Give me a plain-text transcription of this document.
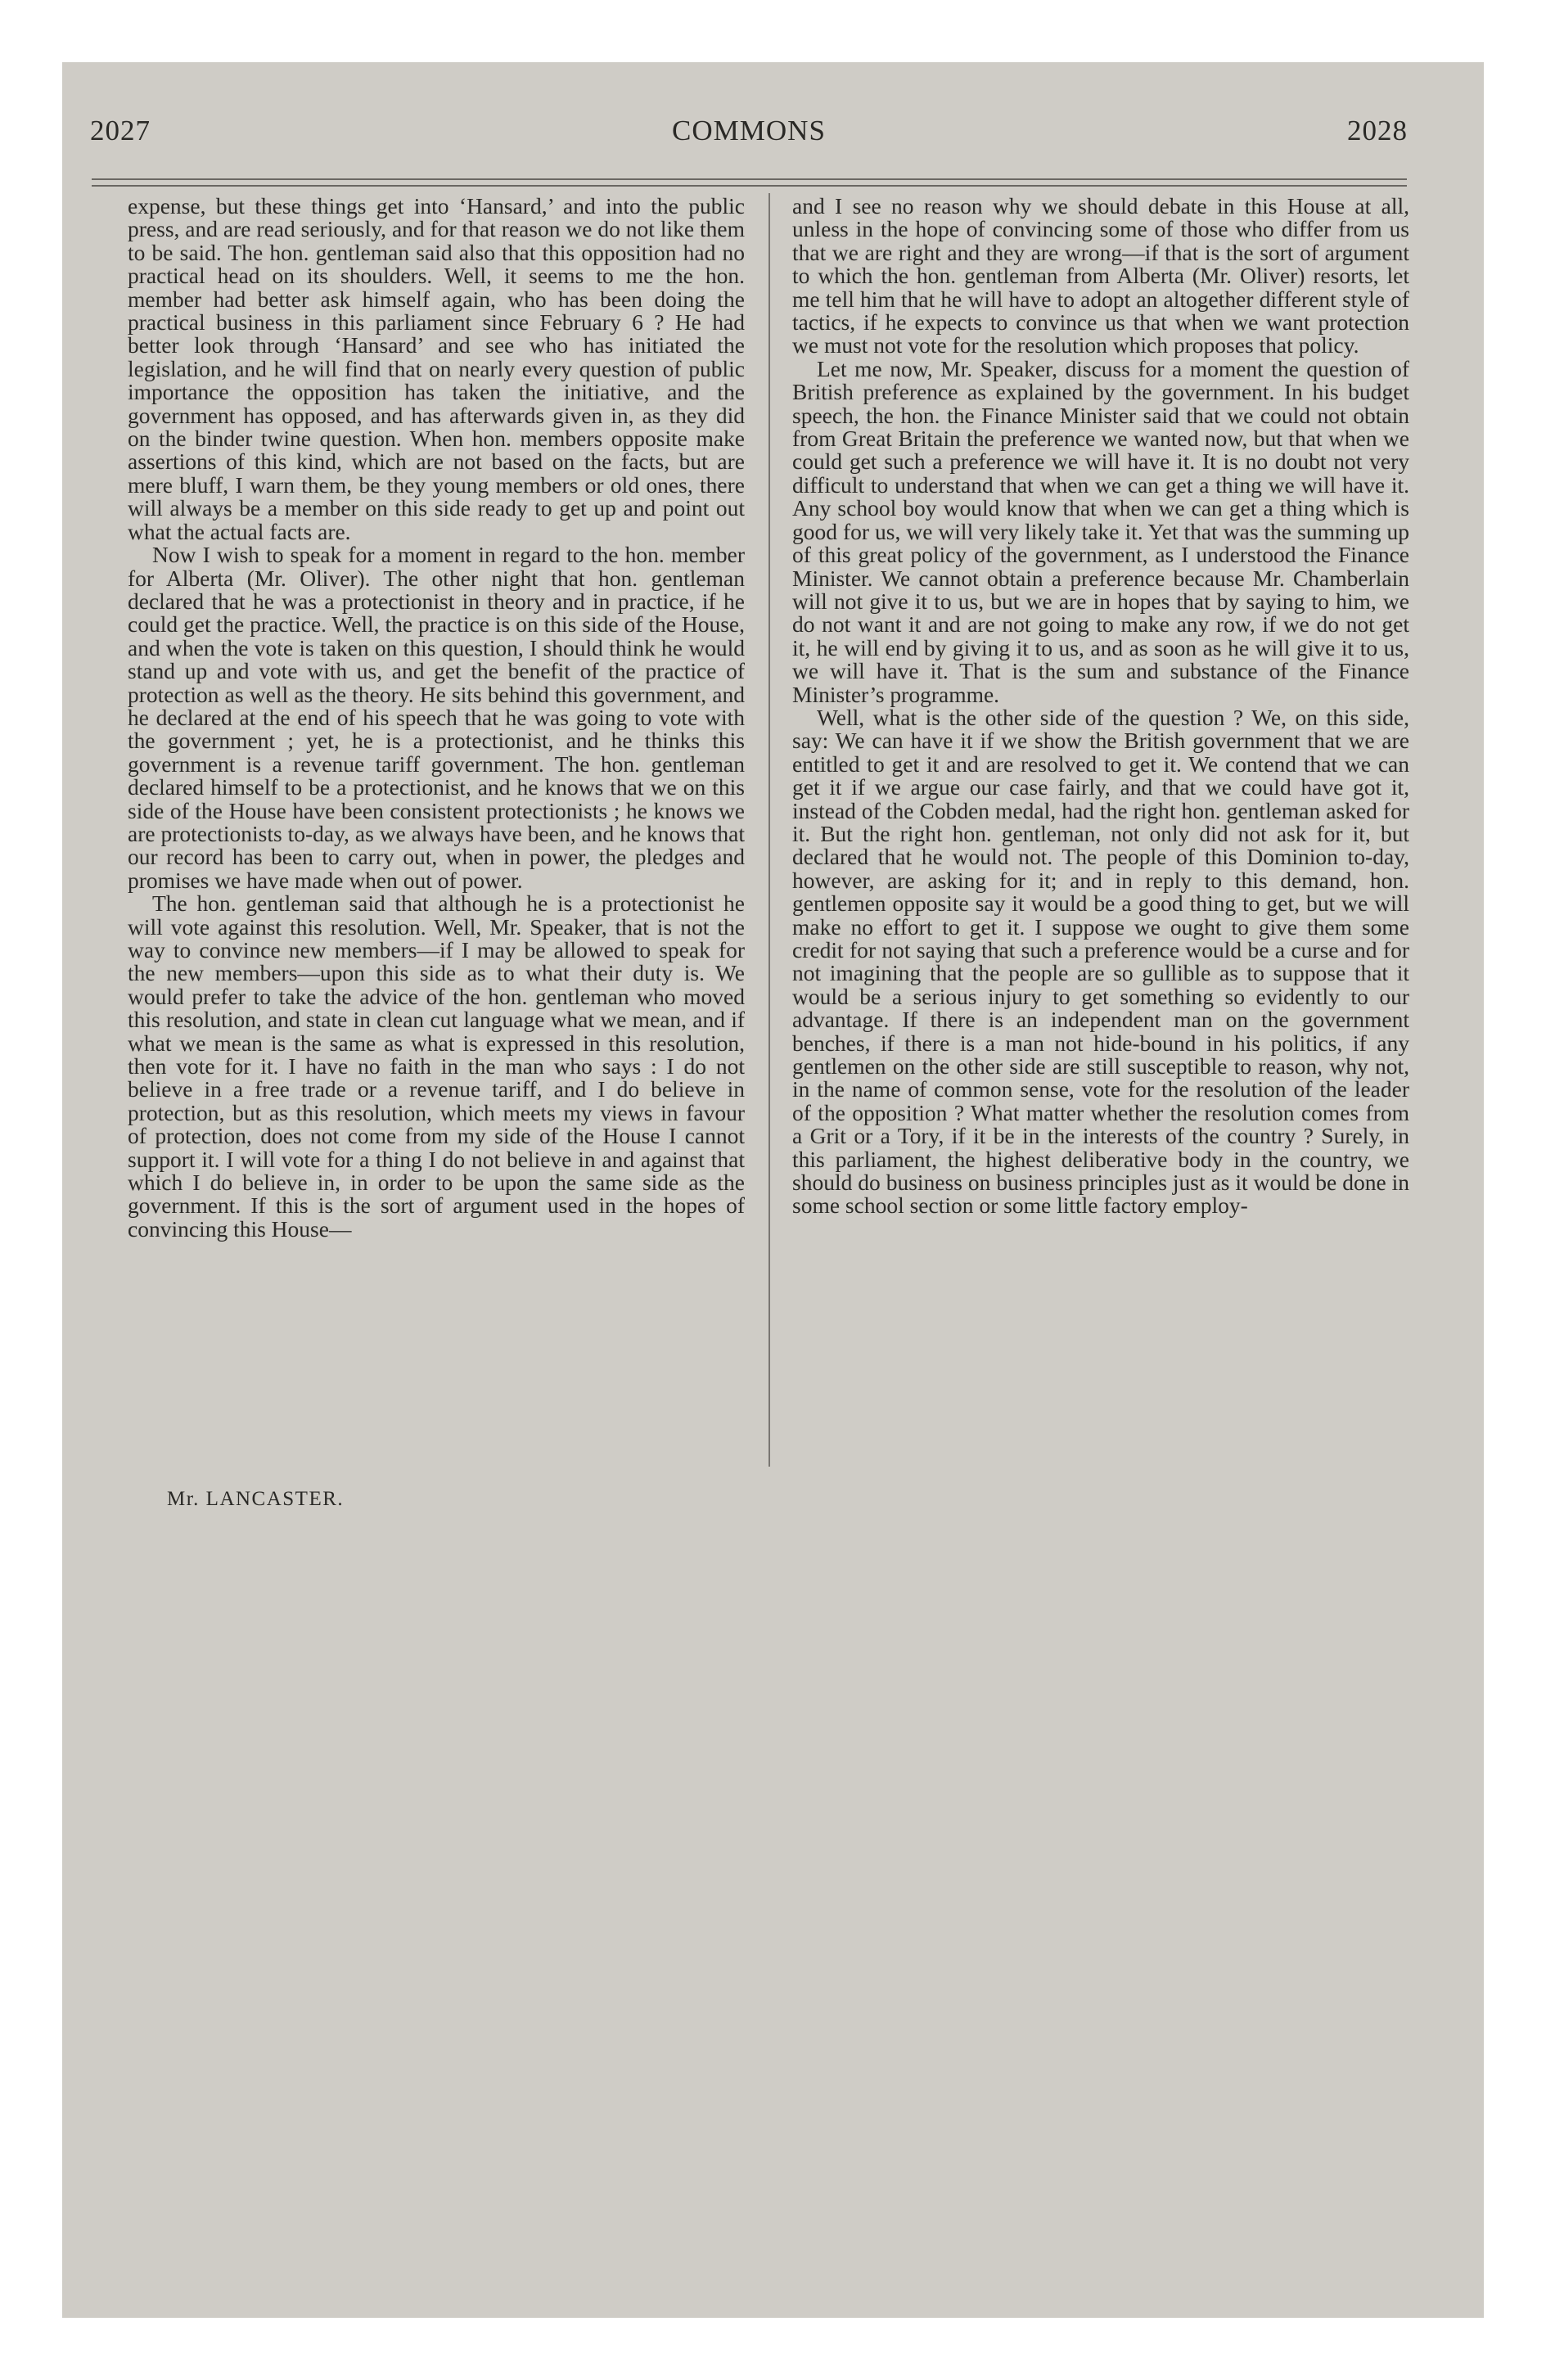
2027	COMMONS	2028

expense, but these things get into ‘Hansard,’ and into the public press, and are read seriously, and for that reason we do not like them to be said. The hon. gentleman said also that this opposition had no practical head on its shoulders. Well, it seems to me the hon. member had better ask himself again, who has been doing the practical business in this parliament since February 6 ? He had better look through ‘Hansard’ and see who has initiated the legislation, and he will find that on nearly every question of public importance the opposition has taken the initiative, and the government has opposed, and has afterwards given in, as they did on the binder twine question. When hon. members opposite make assertions of this kind, which are not based on the facts, but are mere bluff, I warn them, be they young members or old ones, there will always be a member on this side ready to get up and point out what the actual facts are.

Now I wish to speak for a moment in regard to the hon. member for Alberta (Mr. Oliver). The other night that hon. gentleman declared that he was a protectionist in theory and in practice, if he could get the practice. Well, the practice is on this side of the House, and when the vote is taken on this question, I should think he would stand up and vote with us, and get the benefit of the practice of protection as well as the theory. He sits behind this government, and he declared at the end of his speech that he was going to vote with the government ; yet, he is a protectionist, and he thinks this government is a revenue tariff government. The hon. gentleman declared himself to be a protectionist, and he knows that we on this side of the House have been consistent protectionists ; he knows we are protectionists to-day, as we always have been, and he knows that our record has been to carry out, when in power, the pledges and promises we have made when out of power.

The hon. gentleman said that although he is a protectionist he will vote against this resolution. Well, Mr. Speaker, that is not the way to convince new members—if I may be allowed to speak for the new members—upon this side as to what their duty is. We would prefer to take the advice of the hon. gentleman who moved this resolution, and state in clean cut language what we mean, and if what we mean is the same as what is expressed in this resolution, then vote for it. I have no faith in the man who says : I do not believe in a free trade or a revenue tariff, and I do believe in protection, but as this resolution, which meets my views in favour of protection, does not come from my side of the House I cannot support it. I will vote for a thing I do not believe in and against that which I do believe in, in order to be upon the same side as the government. If this is the sort of argument used in the hopes of convincing this House—

and I see no reason why we should debate in this House at all, unless in the hope of convincing some of those who differ from us that we are right and they are wrong—if that is the sort of argument to which the hon. gentleman from Alberta (Mr. Oliver) resorts, let me tell him that he will have to adopt an altogether different style of tactics, if he expects to convince us that when we want protection we must not vote for the resolution which proposes that policy.

Let me now, Mr. Speaker, discuss for a moment the question of British preference as explained by the government. In his budget speech, the hon. the Finance Minister said that we could not obtain from Great Britain the preference we wanted now, but that when we could get such a preference we will have it. It is no doubt not very difficult to understand that when we can get a thing we will have it. Any school boy would know that when we can get a thing which is good for us, we will very likely take it. Yet that was the summing up of this great policy of the government, as I understood the Finance Minister. We cannot obtain a preference because Mr. Chamberlain will not give it to us, but we are in hopes that by saying to him, we do not want it and are not going to make any row, if we do not get it, he will end by giving it to us, and as soon as he will give it to us, we will have it. That is the sum and substance of the Finance Minister’s programme.

Well, what is the other side of the question ? We, on this side, say: We can have it if we show the British government that we are entitled to get it and are resolved to get it. We contend that we can get it if we argue our case fairly, and that we could have got it, instead of the Cobden medal, had the right hon. gentleman asked for it. But the right hon. gentleman, not only did not ask for it, but declared that he would not. The people of this Dominion to-day, however, are asking for it; and in reply to this demand, hon. gentlemen opposite say it would be a good thing to get, but we will make no effort to get it. I suppose we ought to give them some credit for not saying that such a preference would be a curse and for not imagining that the people are so gullible as to suppose that it would be a serious injury to get something so evidently to our advantage. If there is an independent man on the government benches, if there is a man not hide-bound in his politics, if any gentlemen on the other side are still susceptible to reason, why not, in the name of common sense, vote for the resolution of the leader of the opposition ? What matter whether the resolution comes from a Grit or a Tory, if it be in the interests of the country ? Surely, in this parliament, the highest deliberative body in the country, we should do business on business principles just as it would be done in some school section or some little factory employ-

Mr. LANCASTER.
